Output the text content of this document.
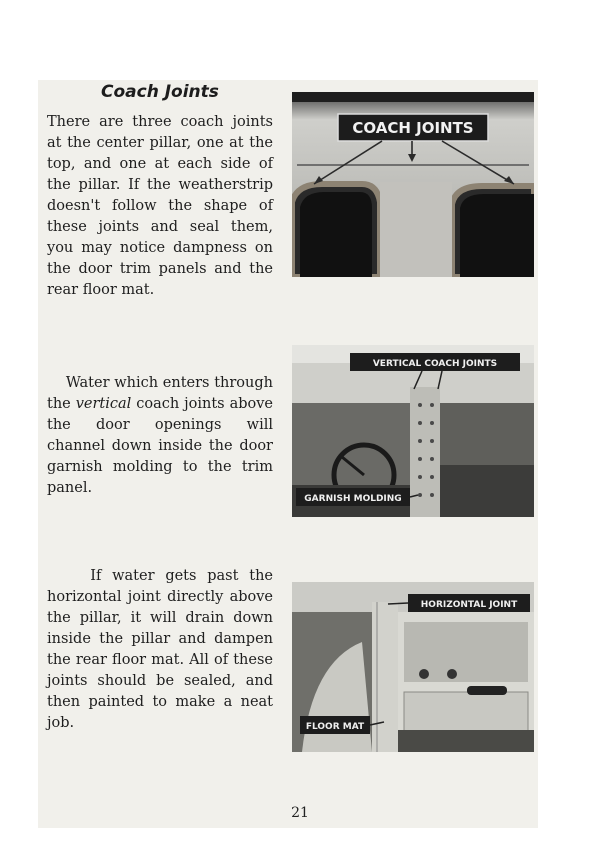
Coach Joints

There are three coach joints at the center pillar, one at the top, and one at each side of the pillar. If the weatherstrip doesn't follow the shape of these joints and seal them, you may notice dampness on the door trim panels and the rear floor mat.

Water which enters through the vertical coach joints above the door openings will channel down inside the door garnish molding to the trim panel.

If water gets past the horizontal joint directly above the pillar, it will drain down inside the pillar and dampen the rear floor mat. All of these joints should be sealed, and then painted to make a neat job.

COACH JOINTS
VERTICAL COACH JOINTS
GARNISH MOLDING
HORIZONTAL JOINT
FLOOR MAT
21
